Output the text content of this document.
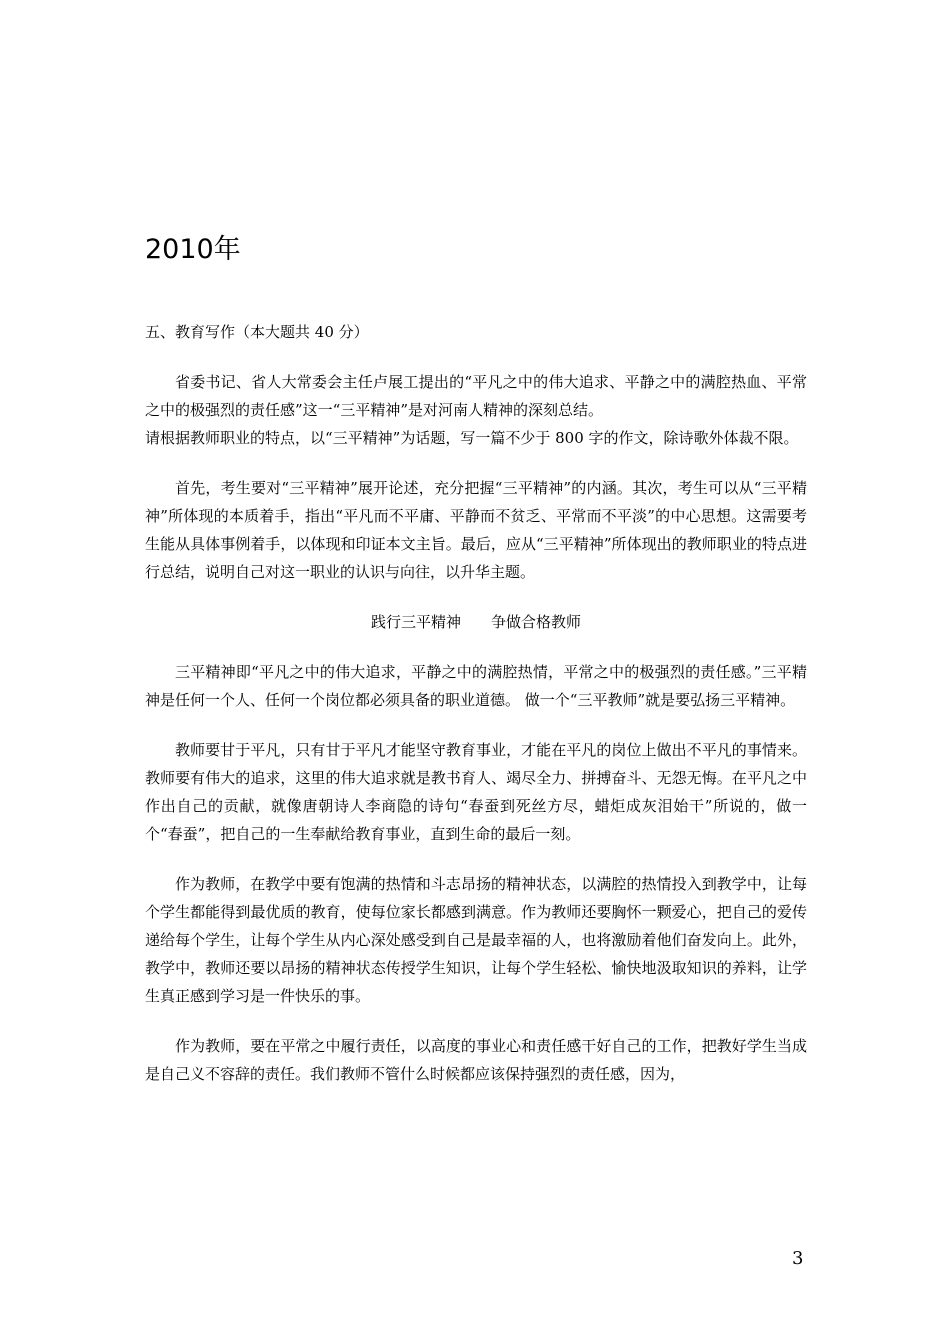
2010年

五、教育写作（本大题共 40 分）

省委书记、省人大常委会主任卢展工提出的“平凡之中的伟大追求、平静之中的满腔热血、平常之中的极强烈的责任感”这一“三平精神”是对河南人精神的深刻总结。

请根据教师职业的特点，以“三平精神”为话题，写一篇不少于 800 字的作文，除诗歌外体裁不限。

首先，考生要对“三平精神”展开论述，充分把握“三平精神”的内涵。其次，考生可以从“三平精神”所体现的本质着手，指出“平凡而不平庸、平静而不贫乏、平常而不平淡”的中心思想。这需要考生能从具体事例着手，以体现和印证本文主旨。最后，应从“三平精神”所体现出的教师职业的特点进行总结，说明自己对这一职业的认识与向往，以升华主题。

践行三平精神　　争做合格教师

三平精神即“平凡之中的伟大追求，平静之中的满腔热情，平常之中的极强烈的责任感。”三平精神是任何一个人、任何一个岗位都必须具备的职业道德。 做一个“三平教师”就是要弘扬三平精神。

教师要甘于平凡，只有甘于平凡才能坚守教育事业，才能在平凡的岗位上做出不平凡的事情来。教师要有伟大的追求，这里的伟大追求就是教书育人、竭尽全力、拼搏奋斗、无怨无悔。在平凡之中作出自己的贡献，就像唐朝诗人李商隐的诗句“春蚕到死丝方尽，蜡炬成灰泪始干”所说的，做一个“春蚕”，把自己的一生奉献给教育事业，直到生命的最后一刻。

作为教师，在教学中要有饱满的热情和斗志昂扬的精神状态，以满腔的热情投入到教学中，让每个学生都能得到最优质的教育，使每位家长都感到满意。作为教师还要胸怀一颗爱心，把自己的爱传递给每个学生，让每个学生从内心深处感受到自己是最幸福的人，也将激励着他们奋发向上。此外，教学中，教师还要以昂扬的精神状态传授学生知识，让每个学生轻松、愉快地汲取知识的养料，让学生真正感到学习是一件快乐的事。

作为教师，要在平常之中履行责任，以高度的事业心和责任感干好自己的工作，把教好学生当成是自己义不容辞的责任。我们教师不管什么时候都应该保持强烈的责任感，因为，

3
